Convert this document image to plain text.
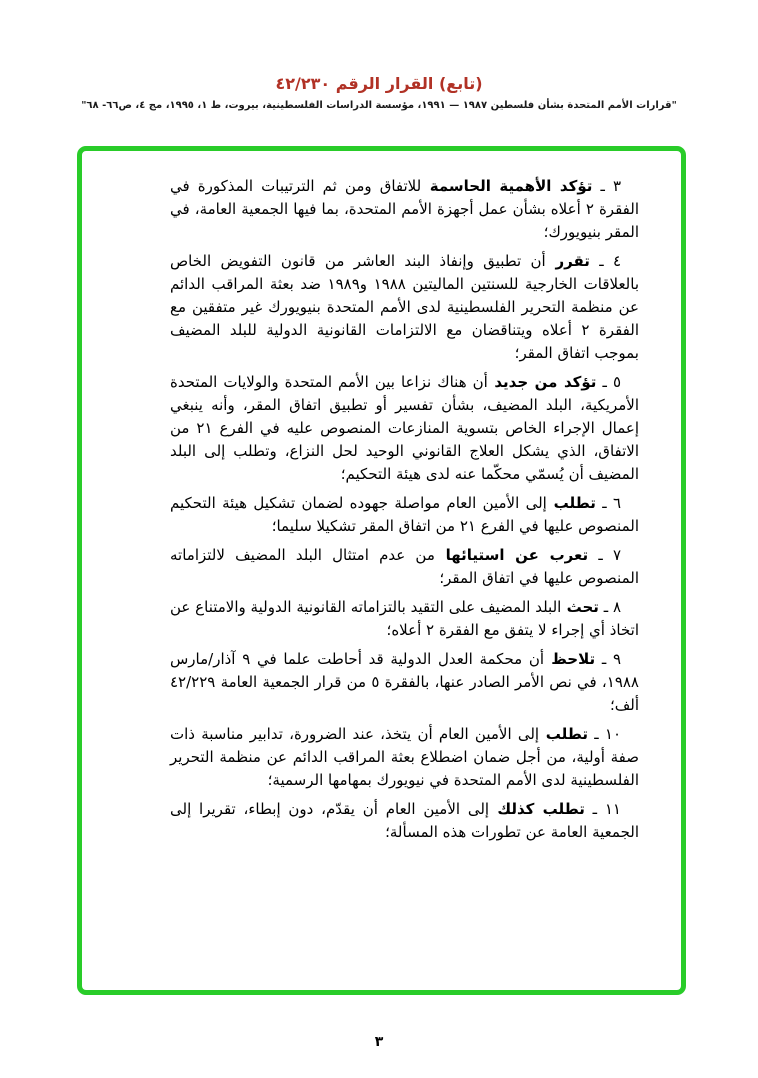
(تابع) القرار الرقم ٤٢/٢٣٠

"قرارات الأمم المتحدة بشأن فلسطين ١٩٨٧ — ١٩٩١، مؤسسة الدراسات الفلسطينية، بيروت، ط ١، ١٩٩٥، مج ٤، ص٦٦- ٦٨"

٣ ـ تؤكد الأهمية الحاسمة للاتفاق ومن ثم الترتيبات المذكورة في الفقرة ٢ أعلاه بشأن عمل أجهزة الأمم المتحدة، بما فيها الجمعية العامة، في المقر بنيويورك؛

٤ ـ تقرر أن تطبيق وإنفاذ البند العاشر من قانون التفويض الخاص بالعلاقات الخارجية للسنتين الماليتين ١٩٨٨ و١٩٨٩ ضد بعثة المراقب الدائم عن منظمة التحرير الفلسطينية لدى الأمم المتحدة بنيويورك غير متفقين مع الفقرة ٢ أعلاه ويتناقضان مع الالتزامات القانونية الدولية للبلد المضيف بموجب اتفاق المقر؛

٥ ـ تؤكد من جديد أن هناك نزاعا بين الأمم المتحدة والولايات المتحدة الأمريكية، البلد المضيف، بشأن تفسير أو تطبيق اتفاق المقر، وأنه ينبغي إعمال الإجراء الخاص بتسوية المنازعات المنصوص عليه في الفرع ٢١ من الاتفاق، الذي يشكل العلاج القانوني الوحيد لحل النزاع، وتطلب إلى البلد المضيف أن يُسمّي محكّما عنه لدى هيئة التحكيم؛

٦ ـ تطلب إلى الأمين العام مواصلة جهوده لضمان تشكيل هيئة التحكيم المنصوص عليها في الفرع ٢١ من اتفاق المقر تشكيلا سليما؛

٧ ـ تعرب عن استيائها من عدم امتثال البلد المضيف لالتزاماته المنصوص عليها في اتفاق المقر؛

٨ ـ تحث البلد المضيف على التقيد بالتزاماته القانونية الدولية والامتناع عن اتخاذ أي إجراء لا يتفق مع الفقرة ٢ أعلاه؛

٩ ـ تلاحظ أن محكمة العدل الدولية قد أحاطت علما في ٩ آذار/مارس ١٩٨٨، في نص الأمر الصادر عنها، بالفقرة ٥ من قرار الجمعية العامة ٤٢/٢٢٩ ألف؛

١٠ ـ تطلب إلى الأمين العام أن يتخذ، عند الضرورة، تدابير مناسبة ذات صفة أولية، من أجل ضمان اضطلاع بعثة المراقب الدائم عن منظمة التحرير الفلسطينية لدى الأمم المتحدة في نيويورك بمهامها الرسمية؛

١١ ـ تطلب كذلك إلى الأمين العام أن يقدّم، دون إبطاء، تقريرا إلى الجمعية العامة عن تطورات هذه المسألة؛

٣
